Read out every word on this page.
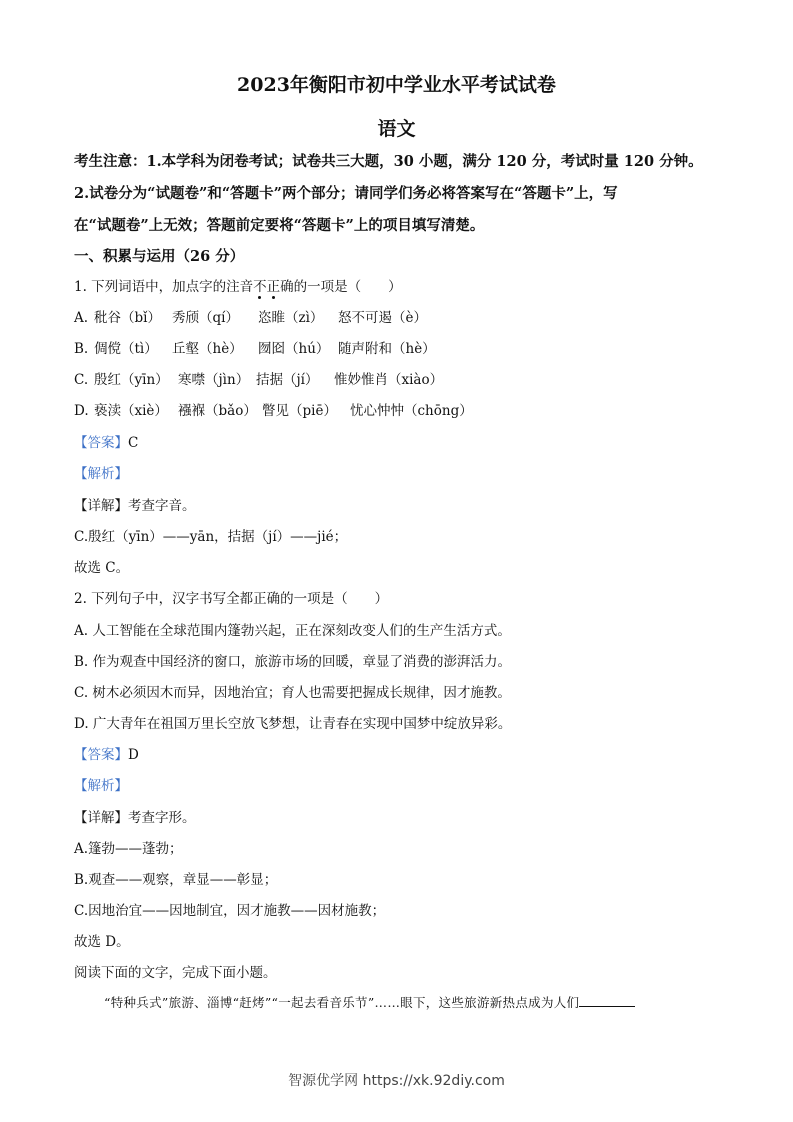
2023年衡阳市初中学业水平考试试卷
语文
考生注意：1.本学科为闭卷考试；试卷共三大题，30 小题，满分 120 分，考试时量 120 分钟。
2.试卷分为“试题卷”和“答题卡”两个部分；请同学们务必将答案写在“答题卡”上，写
在“试题卷”上无效；答题前定要将“答题卡”上的项目填写清楚。
一、积累与运用（26 分）
1. 下列词语中，加点字的注音不正确的一项是（　　）
A. 秕谷（bǐ） 秀颀（qí） 恣睢（zì） 怒不可遏（è）
B. 倜傥（tì） 丘壑（hè） 囫囵（hú） 随声附和（hè）
C. 殷红（yīn） 寒噤（jìn） 拮据（jí） 惟妙惟肖（xiào）
D. 亵渎（xiè） 襁褓（bǎo） 瞥见（piē） 忧心忡忡（chōng）
【答案】C
【解析】
【详解】考查字音。
C.殷红（yīn）——yān，拮据（jí）——jié；
故选 C。
2. 下列句子中，汉字书写全都正确的一项是（　　）
A. 人工智能在全球范围内篷勃兴起，正在深刻改变人们的生产生活方式。
B. 作为观查中国经济的窗口，旅游市场的回暖，章显了消费的澎湃活力。
C. 树木必须因木而异，因地治宜；育人也需要把握成长规律，因才施教。
D. 广大青年在祖国万里长空放飞梦想，让青春在实现中国梦中绽放异彩。
【答案】D
【解析】
【详解】考查字形。
A.篷勃——蓬勃；
B.观查——观察，章显——彰显；
C.因地治宜——因地制宜，因才施教——因材施教；
故选 D。
阅读下面的文字，完成下面小题。
“特种兵式”旅游、淄博“赶烤”“一起去看音乐节”……眼下，这些旅游新热点成为人们
智源优学网 https://xk.92diy.com
